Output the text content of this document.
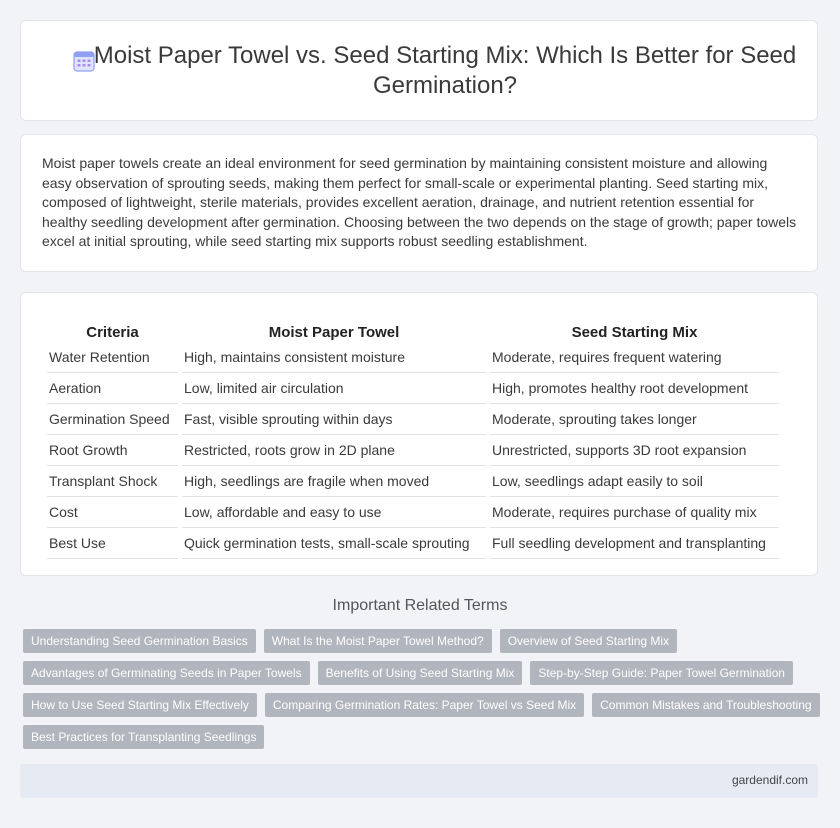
Moist Paper Towel vs. Seed Starting Mix: Which Is Better for Seed Germination?

Moist paper towels create an ideal environment for seed germination by maintaining consistent moisture and allowing easy observation of sprouting seeds, making them perfect for small-scale or experimental planting. Seed starting mix, composed of lightweight, sterile materials, provides excellent aeration, drainage, and nutrient retention essential for healthy seedling development after germination. Choosing between the two depends on the stage of growth; paper towels excel at initial sprouting, while seed starting mix supports robust seedling establishment.

Criteria	Moist Paper Towel	Seed Starting Mix
Water Retention	High, maintains consistent moisture	Moderate, requires frequent watering
Aeration	Low, limited air circulation	High, promotes healthy root development
Germination Speed	Fast, visible sprouting within days	Moderate, sprouting takes longer
Root Growth	Restricted, roots grow in 2D plane	Unrestricted, supports 3D root expansion
Transplant Shock	High, seedlings are fragile when moved	Low, seedlings adapt easily to soil
Cost	Low, affordable and easy to use	Moderate, requires purchase of quality mix
Best Use	Quick germination tests, small-scale sprouting	Full seedling development and transplanting
Important Related Terms
Understanding Seed Germination Basics	What Is the Moist Paper Towel Method?	Overview of Seed Starting Mix
Advantages of Germinating Seeds in Paper Towels	Benefits of Using Seed Starting Mix	Step-by-Step Guide: Paper Towel Germination
How to Use Seed Starting Mix Effectively	Comparing Germination Rates: Paper Towel vs Seed Mix	Common Mistakes and Troubleshooting
Best Practices for Transplanting Seedlings
gardendif.com
